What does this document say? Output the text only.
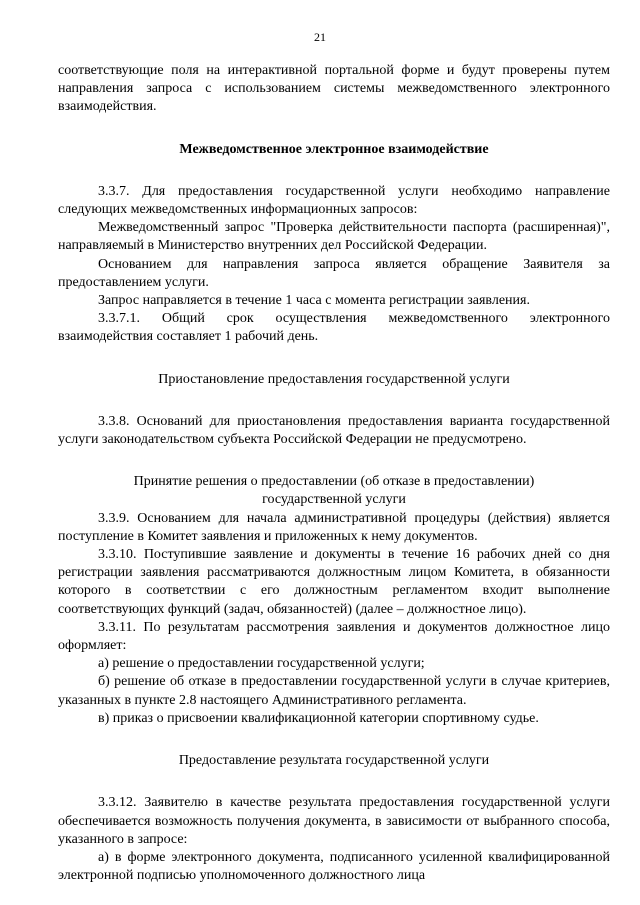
21

соответствующие поля на интерактивной портальной форме и будут проверены путем направления запроса с использованием системы межведомственного электронного взаимодействия.

Межведомственное электронное взаимодействие

3.3.7. Для предоставления государственной услуги необходимо направление следующих межведомственных информационных запросов:

Межведомственный запрос "Проверка действительности паспорта (расширенная)", направляемый в Министерство внутренних дел Российской Федерации.

Основанием для направления запроса является обращение Заявителя за предоставлением услуги.

Запрос направляется в течение 1 часа с момента регистрации заявления.

3.3.7.1. Общий срок осуществления межведомственного электронного взаимодействия составляет 1 рабочий день.

Приостановление предоставления государственной услуги

3.3.8. Оснований для приостановления предоставления варианта государственной услуги законодательством субъекта Российской Федерации не предусмотрено.

Принятие решения о предоставлении (об отказе в предоставлении) государственной услуги

3.3.9. Основанием для начала административной процедуры (действия) является поступление в Комитет заявления и приложенных к нему документов.

3.3.10. Поступившие заявление и документы в течение 16 рабочих дней со дня регистрации заявления рассматриваются должностным лицом Комитета, в обязанности которого в соответствии с его должностным регламентом входит выполнение соответствующих функций (задач, обязанностей) (далее – должностное лицо).

3.3.11. По результатам рассмотрения заявления и документов должностное лицо оформляет:

а) решение о предоставлении государственной услуги;

б) решение об отказе в предоставлении государственной услуги в случае критериев, указанных в пункте 2.8 настоящего Административного регламента.

в) приказ о присвоении квалификационной категории спортивному судье.

Предоставление результата государственной услуги

3.3.12. Заявителю в качестве результата предоставления государственной услуги обеспечивается возможность получения документа, в зависимости от выбранного способа, указанного в запросе:

а) в форме электронного документа, подписанного усиленной квалифицированной электронной подписью уполномоченного должностного лица
